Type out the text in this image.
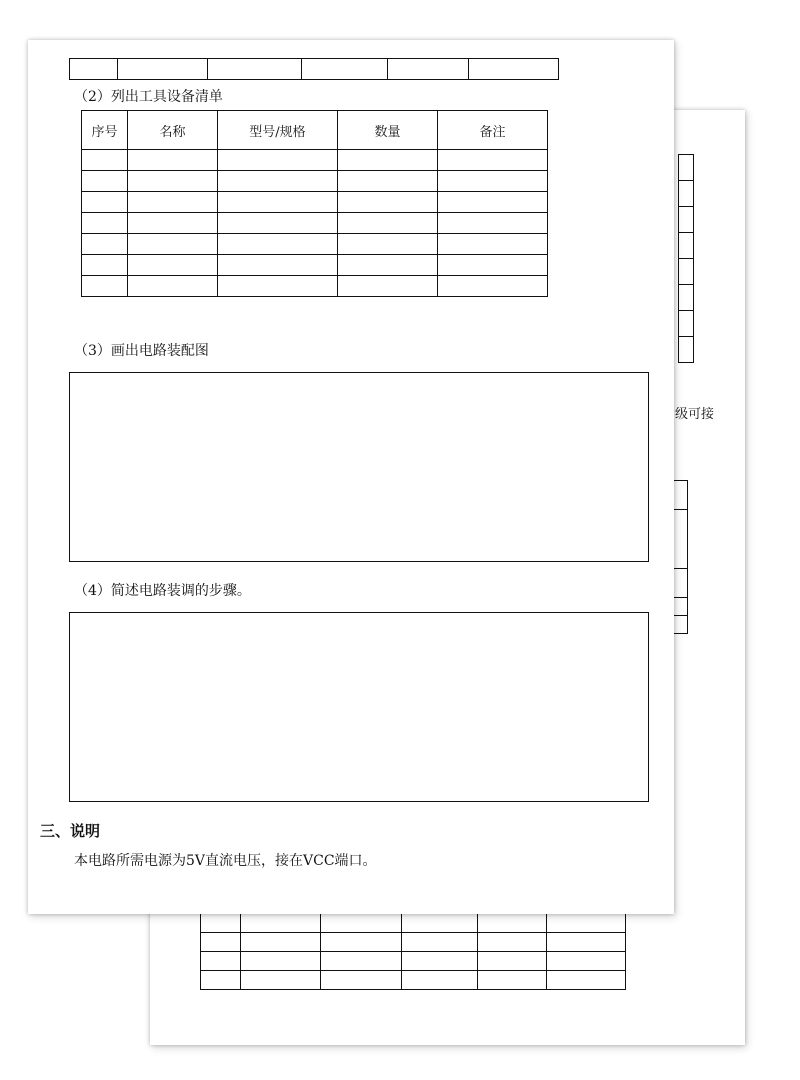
级可接

（2）列出工具设备清单
序号	名称	型号/规格	数量	备注

（3）画出电路装配图
（4）简述电路装调的步骤。
三、说明
本电路所需电源为5V直流电压，接在VCC端口。
